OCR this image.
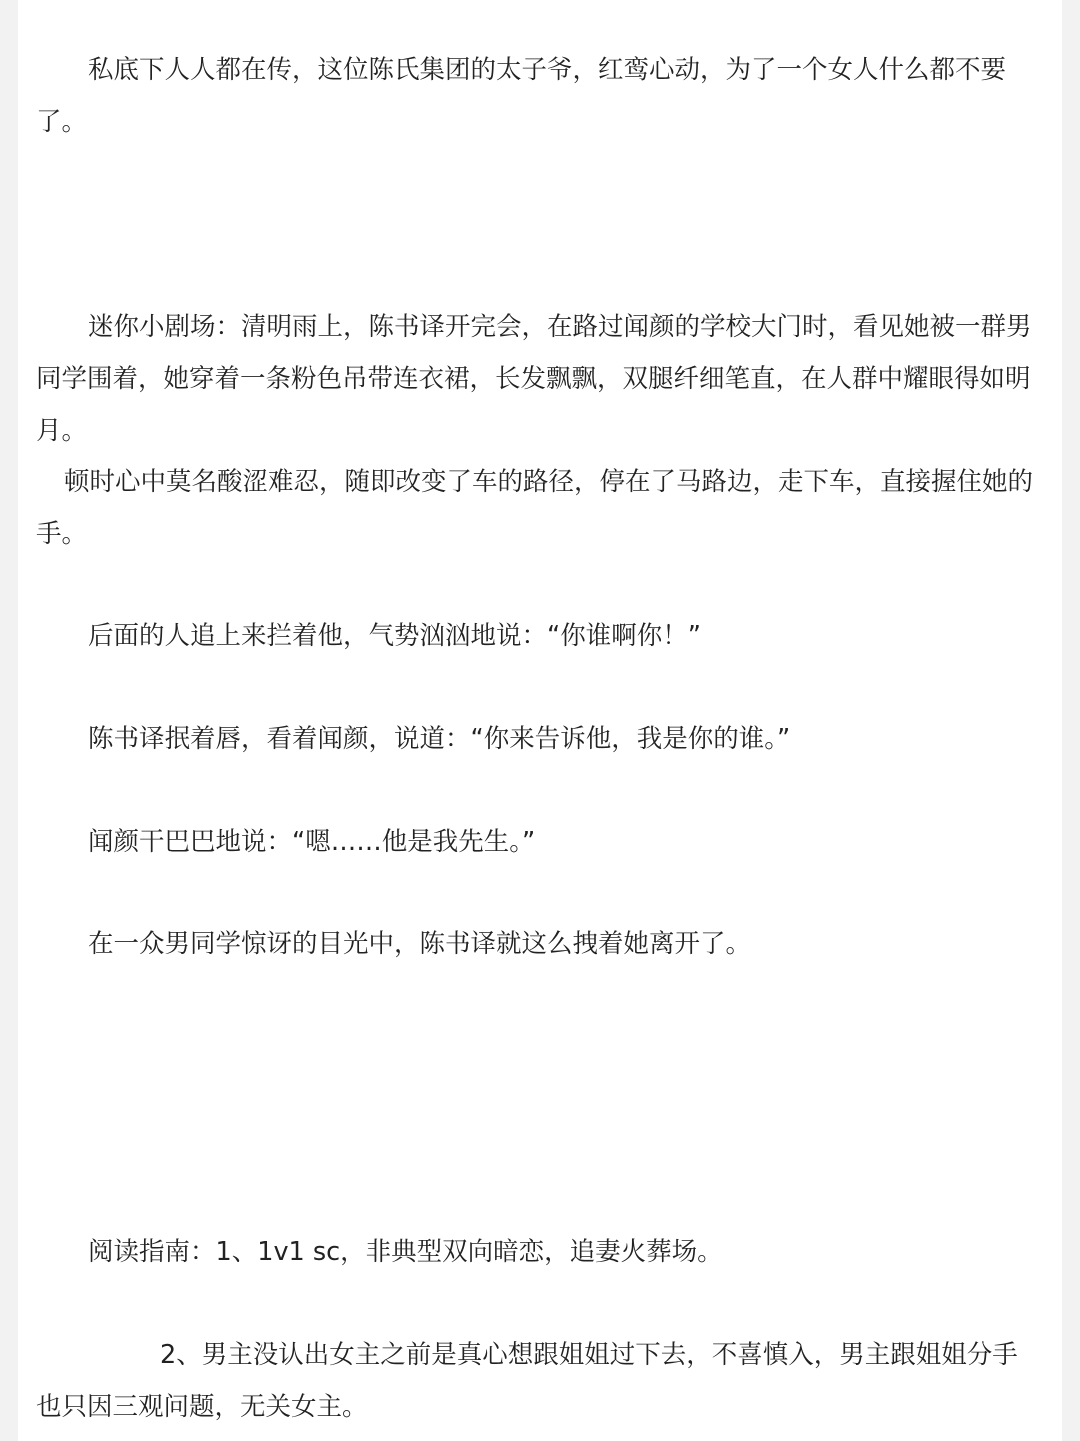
私底下人人都在传，这位陈氏集团的太子爷，红鸾心动，为了一个女人什么都不要了。

迷你小剧场：清明雨上，陈书译开完会，在路过闻颜的学校大门时，看见她被一群男同学围着，她穿着一条粉色吊带连衣裙，长发飘飘，双腿纤细笔直，在人群中耀眼得如明月。

顿时心中莫名酸涩难忍，随即改变了车的路径，停在了马路边，走下车，直接握住她的手。

后面的人追上来拦着他，气势汹汹地说：“你谁啊你！”

陈书译抿着唇，看着闻颜，说道：“你来告诉他，我是你的谁。”

闻颜干巴巴地说：“嗯……他是我先生。”

在一众男同学惊讶的目光中，陈书译就这么拽着她离开了。

阅读指南：1、1v1 sc，非典型双向暗恋，追妻火葬场。

2、男主没认出女主之前是真心想跟姐姐过下去，不喜慎入，男主跟姐姐分手也只因三观问题，无关女主。
